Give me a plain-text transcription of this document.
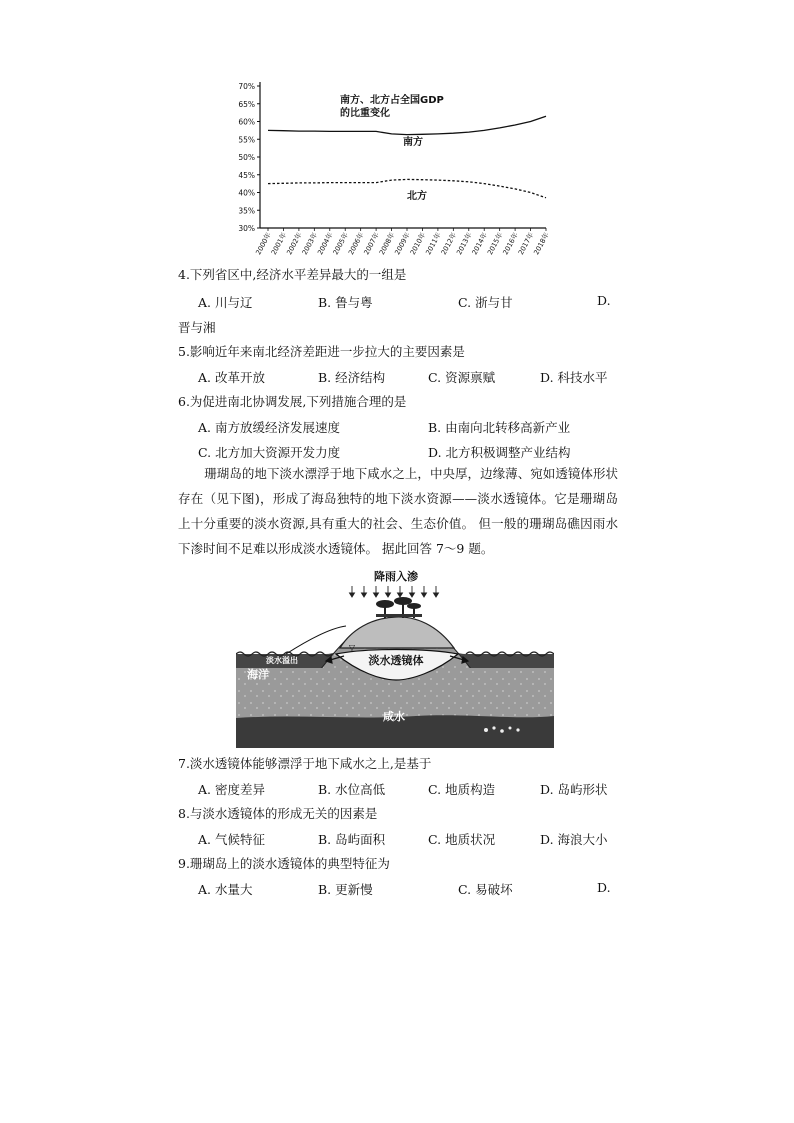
70%
65%
60%
55%
50%
45%
40%
35%
30%
2000年
2001年
2002年
2003年
2004年
2005年
2006年
2007年
2008年
2009年
2010年
2011年
2012年
2013年
2014年
2015年
2016年
2017年
2018年
南方
北方
南方、北方占全国GDP
的比重变化
4.下列省区中,经济水平差异最大的一组是
A. 川与辽	B. 鲁与粤	C. 浙与甘	D.
晋与湘
5.影响近年来南北经济差距进一步拉大的主要因素是
A. 改革开放	B. 经济结构	C. 资源禀赋	D. 科技水平
6.为促进南北协调发展,下列措施合理的是
A. 南方放缓经济发展速度	B. 由南向北转移高新产业
C. 北方加大资源开发力度	D. 北方积极调整产业结构
珊瑚岛的地下淡水漂浮于地下咸水之上，中央厚，边缘薄、宛如透镜体形状存在（见下图)，形成了海岛独特的地下淡水资源——淡水透镜体。它是珊瑚岛上十分重要的淡水资源,具有重大的社会、生态价值。 但一般的珊瑚岛礁因雨水下渗时间不足难以形成淡水透镜体。 据此回答 7～9 题。
降雨入渗
▽
淡水透镜体
淡水溢出
海洋
咸水
7.淡水透镜体能够漂浮于地下咸水之上,是基于
A. 密度差异	B. 水位高低	C. 地质构造	D. 岛屿形状
8.与淡水透镜体的形成无关的因素是
A. 气候特征	B. 岛屿面积	C. 地质状况	D. 海浪大小
9.珊瑚岛上的淡水透镜体的典型特征为
A. 水量大	B. 更新慢	C. 易破坏	D.
